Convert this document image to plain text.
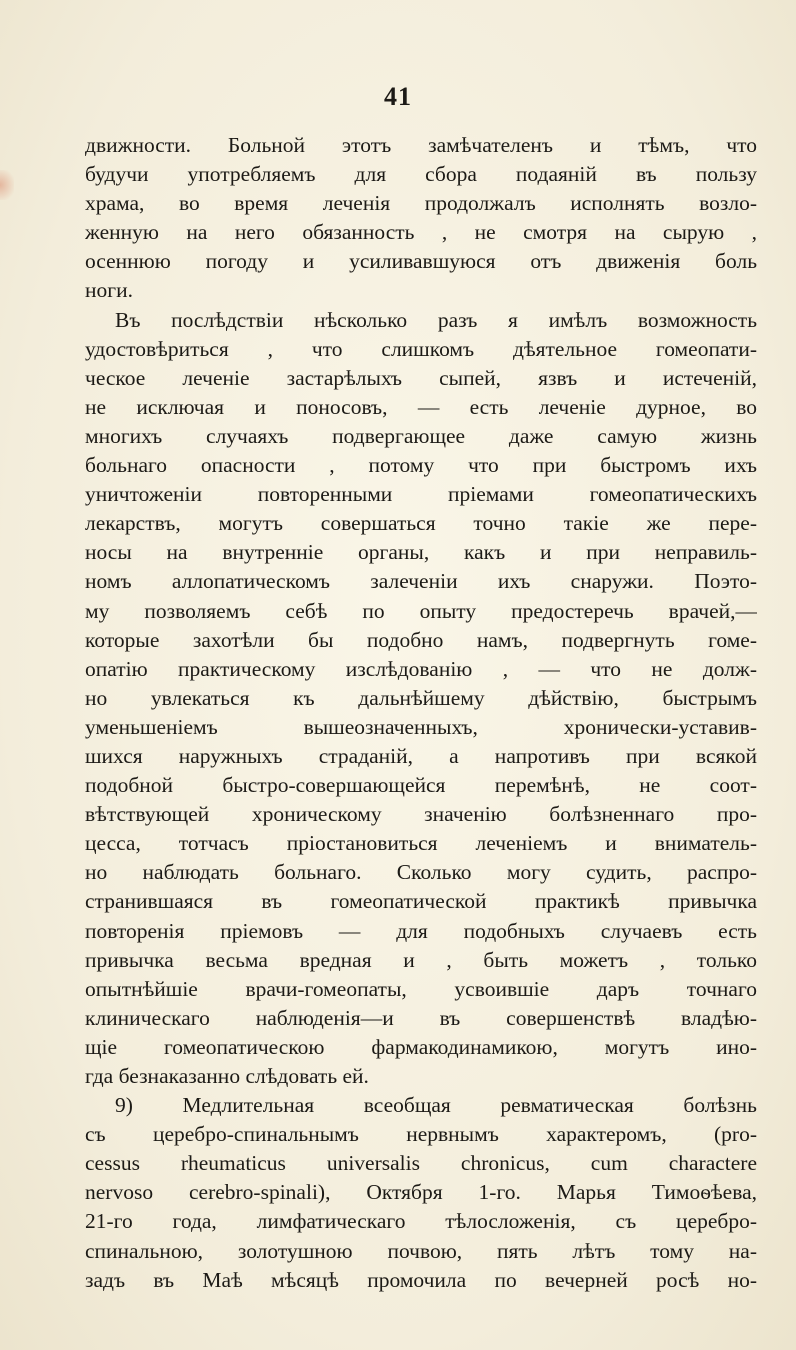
41
движности. Больной этотъ замѣчателенъ и тѣмъ, что
будучи употребляемъ для сбора подаяній въ пользу
храма, во время леченія продолжалъ исполнять возло-
женную на него обязанность , не смотря на сырую ,
осеннюю погоду и усиливавшуюся отъ движенія боль
ноги.
Въ послѣдствіи нѣсколько разъ я имѣлъ возможность
удостовѣриться , что слишкомъ дѣятельное гомеопати-
ческое леченіе застарѣлыхъ сыпей, язвъ и истеченій,
не исключая и поносовъ, — есть леченіе дурное, во
многихъ случаяхъ подвергающее даже самую жизнь
больнаго опасности , потому что при быстромъ ихъ
уничтоженіи повторенными пріемами гомеопатическихъ
лекарствъ, могутъ совершаться точно такіе же пере-
носы на внутренніе органы, какъ и при неправиль-
номъ аллопатическомъ залеченіи ихъ снаружи. Поэто-
му позволяемъ себѣ по опыту предостеречь врачей,—
которые захотѣли бы подобно намъ, подвергнуть гоме-
опатію практическому изслѣдованію , — что не долж-
но увлекаться къ дальнѣйшему дѣйствію, быстрымъ
уменьшеніемъ вышеозначенныхъ, хронически-уставив-
шихся наружныхъ страданій, а напротивъ при всякой
подобной быстро-совершающейся перемѣнѣ, не соот-
вѣтствующей хроническому значенію болѣзненнаго про-
цесса, тотчасъ пріостановиться леченіемъ и вниматель-
но наблюдать больнаго. Сколько могу судить, распро-
странившаяся въ гомеопатической практикѣ привычка
повторенія пріемовъ — для подобныхъ случаевъ есть
привычка весьма вредная и , быть можетъ , только
опытнѣйшіе врачи-гомеопаты, усвоившіе даръ точнаго
клиническаго наблюденія—и въ совершенствѣ владѣю-
щіе гомеопатическою фармакодинамикою, могутъ ино-
гда безнаказанно слѣдовать ей.
9) Медлительная всеобщая ревматическая болѣзнь
съ церебро-спинальнымъ нервнымъ характеромъ, (pro-
cessus rheumaticus universalis chronicus, cum charactere
nervoso cerebro-spinali), Октября 1-го. Марья Тимоѳѣева,
21-го года, лимфатическаго тѣлосложенія, съ церебро-
спинальною, золотушною почвою, пять лѣтъ тому на-
задъ въ Маѣ мѣсяцѣ промочила по вечерней росѣ но-
